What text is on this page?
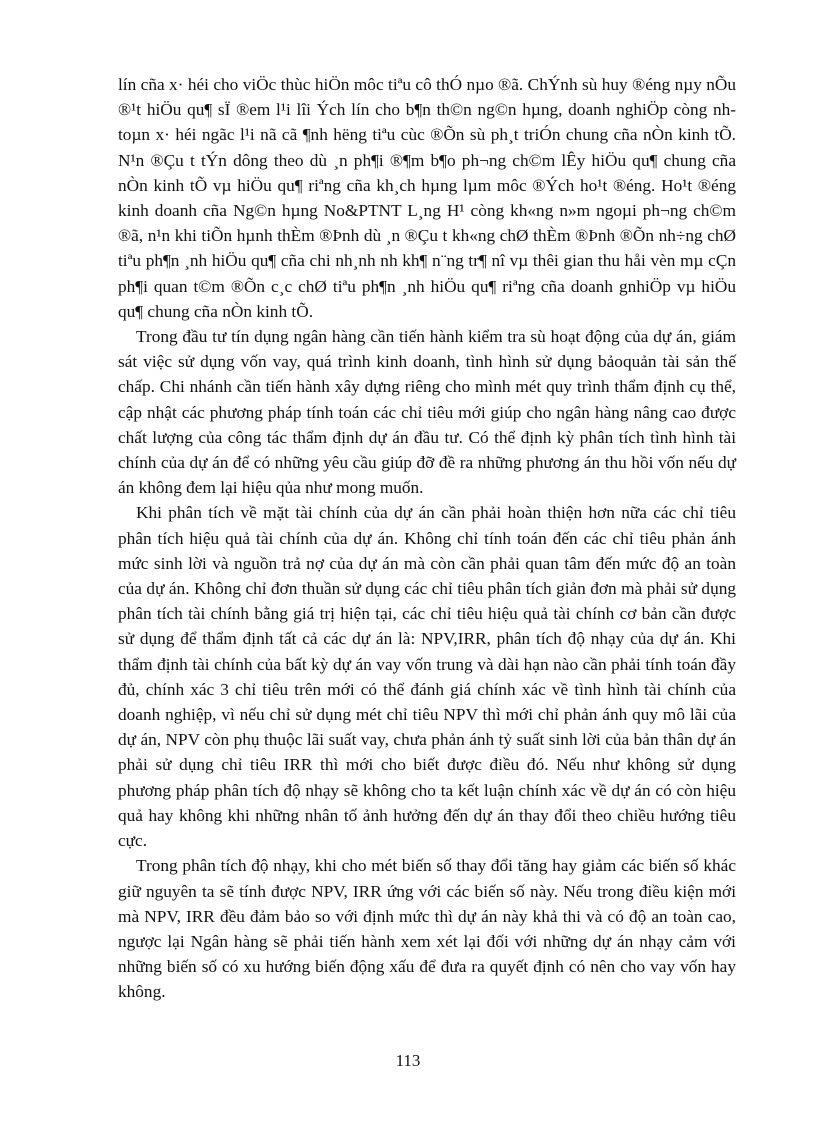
lín cña x· héi cho viÖc thùc hiÖn môc tiªu cô thÓ nµo ®ã. ChÝnh sù huy ®éng nµy nÕu ®¹t hiÖu qu¶ sÏ ®em l¹i lîi Ých lín cho b¶n th©n ng©n hµng, doanh nghiÖp còng nh toµn x· héi ngãc l¹i nã cã ¶nh hëng tiªu cùc ®Õn sù ph¸t triÓn chung cña nÒn kinh tÕ. N¹n ®Çu t tÝn dông theo dù ¸n ph¶i ®¶m b¶o ph¬ng ch©m lÊy hiÖu qu¶ chung cña nÒn kinh tÕ vµ hiÖu qu¶ riªng cña kh¸ch hµng lµm môc ®Ých ho¹t ®éng. Ho¹t ®éng kinh doanh cña Ng©n hµng No&PTNT L¸ng H¹ còng kh«ng n»m ngoµi ph¬ng ch©m ®ã, n¹n khi tiÕn hµnh thÈm ®Þnh dù ¸n ®Çu t kh«ng chØ thÈm ®Þnh ®Õn nh÷ng chØ tiªu ph¶n ¸nh hiÖu qu¶ cña chi nh¸nh nh kh¶ n¨ng tr¶ nî vµ thêi gian thu håi vèn mµ cÇn ph¶i quan t©m ®Õn c¸c chØ tiªu ph¶n ¸nh hiÖu qu¶ riªng cña doanh gnhiÖp vµ hiÖu qu¶ chung cña nÒn kinh tÕ.

Trong đầu tư tín dụng ngân hàng cần tiến hành kiểm tra sù hoạt động của dự án, giám sát việc sử dụng vốn vay, quá trình kinh doanh, tình hình sử dụng bảoquản tài sản thế chấp. Chi nhánh cần tiến hành xây dựng riêng cho mình mét quy trình thẩm định cụ thể, cập nhật các phương pháp tính toán các chỉ tiêu mới giúp cho ngân hàng nâng cao được chất lượng của công tác thẩm định dự án đầu tư. Có thể định kỳ phân tích tình hình tài chính của dự án để có những yêu cầu giúp đỡ đề ra những phương án thu hồi vốn nếu dự án không đem lại hiệu qủa như mong muốn.

Khi phân tích về mặt tài chính của dự án cần phải hoàn thiện hơn nữa các chỉ tiêu phân tích hiệu quả tài chính của dự án. Không chỉ tính toán đến các chỉ tiêu phản ánh mức sinh lời và nguồn trả nợ của dự án mà còn cần phải quan tâm đến mức độ an toàn của dự án. Không chỉ đơn thuần sử dụng các chỉ tiêu phân tích giản đơn mà phải sử dụng phân tích tài chính bằng giá trị hiện tại, các chỉ tiêu hiệu quả tài chính cơ bản cần được sử dụng để thẩm định tất cả các dự án là: NPV,IRR, phân tích độ nhạy của dự án. Khi thẩm định tài chính của bất kỳ dự án vay vốn trung và dài hạn nào cần phải tính toán đầy đủ, chính xác 3 chỉ tiêu trên mới có thể đánh giá chính xác về tình hình tài chính của doanh nghiệp, vì nếu chỉ sử dụng mét chỉ tiêu NPV thì mới chỉ phản ánh quy mô lãi của dự án, NPV còn phụ thuộc lãi suất vay, chưa phản ánh tỷ suất sinh lời của bản thân dự án phải sử dụng chỉ tiêu IRR thì mới cho biết được điều đó. Nếu như không sử dụng phương pháp phân tích độ nhạy sẽ không cho ta kết luận chính xác về dự án có còn hiệu quả hay không khi những nhân tố ảnh hưởng đến dự án thay đổi theo chiều hướng tiêu cực.

Trong phân tích độ nhạy, khi cho mét biến số thay đổi tăng hay giảm các biến số khác giữ nguyên ta sẽ tính được NPV, IRR ứng với các biến số này. Nếu trong điều kiện mới mà NPV, IRR đều đảm bảo so với định mức thì dự án này khả thi và có độ an toàn cao, ngược lại Ngân hàng sẽ phải tiến hành xem xét lại đối với những dự án nhạy cảm với những biến số có xu hướng biến động xấu để đưa ra quyết định có nên cho vay vốn hay không.

113
